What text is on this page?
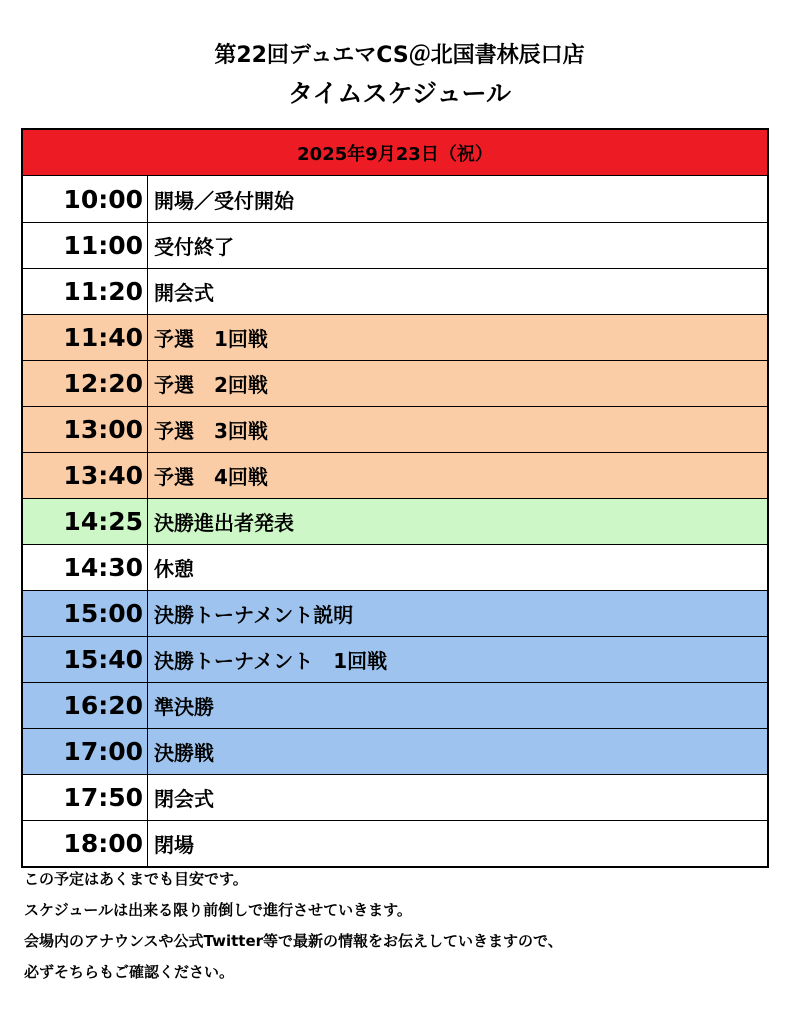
第22回デュエマCS＠北国書林辰口店
タイムスケジュール
2025年9月23日（祝）
10:00 開場／受付開始
11:00 受付終了
11:20 開会式
11:40 予選　1回戦
12:20 予選　2回戦
13:00 予選　3回戦
13:40 予選　4回戦
14:25 決勝進出者発表
14:30 休憩
15:00 決勝トーナメント説明
15:40 決勝トーナメント　1回戦
16:20 準決勝
17:00 決勝戦
17:50 閉会式
18:00 閉場
この予定はあくまでも目安です。
スケジュールは出来る限り前倒しで進行させていきます。
会場内のアナウンスや公式Twitter等で最新の情報をお伝えしていきますので、
必ずそちらもご確認ください。
